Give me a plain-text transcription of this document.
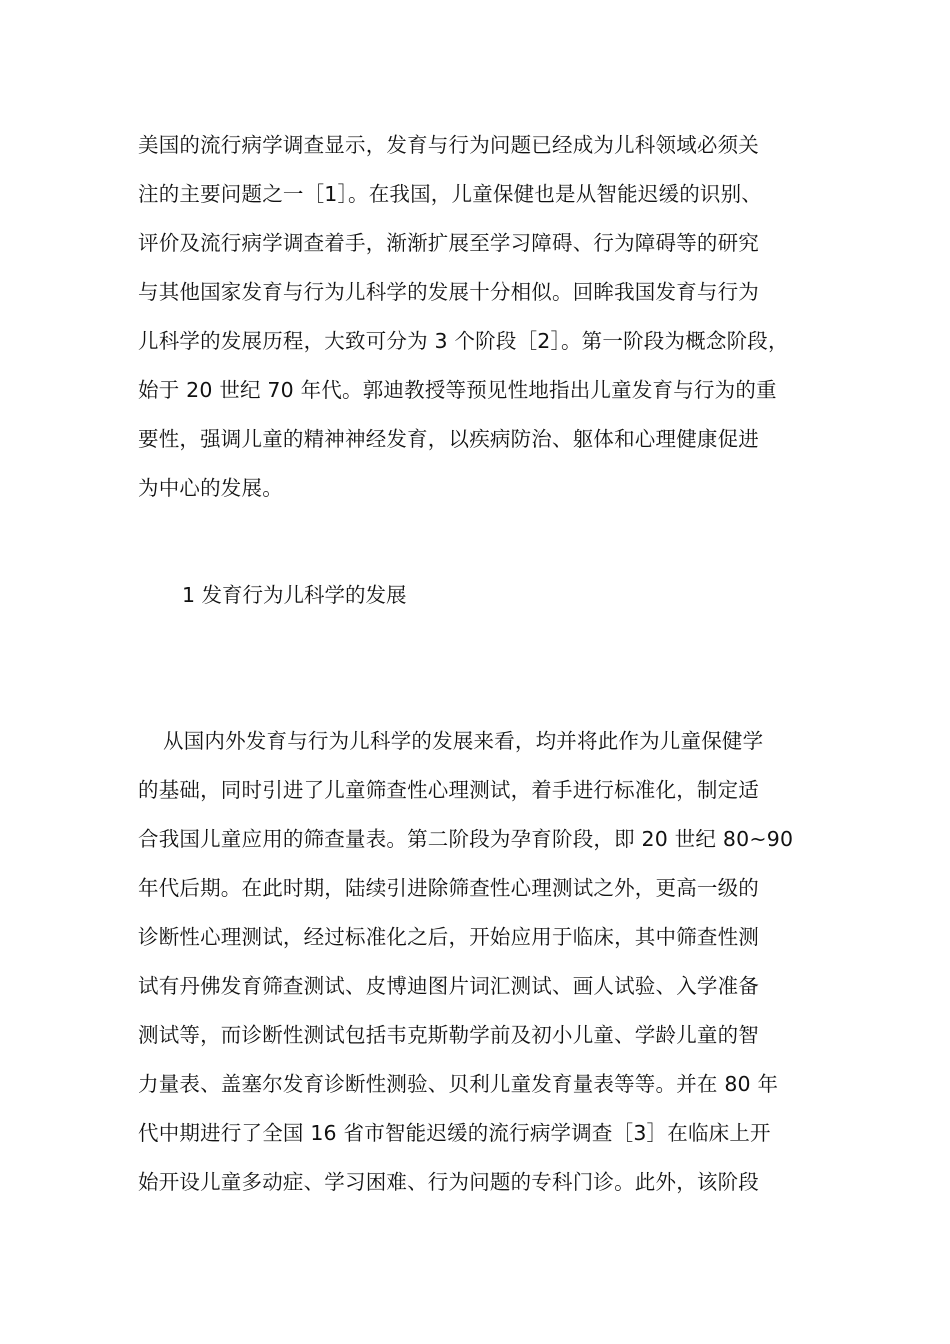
美国的流行病学调查显示，发育与行为问题已经成为儿科领域必须关
注的主要问题之一［1］。在我国，儿童保健也是从智能迟缓的识别、
评价及流行病学调查着手，渐渐扩展至学习障碍、行为障碍等的研究
与其他国家发育与行为儿科学的发展十分相似。回眸我国发育与行为
儿科学的发展历程，大致可分为 3 个阶段［2］。第一阶段为概念阶段，
始于 20 世纪 70 年代。郭迪教授等预见性地指出儿童发育与行为的重
要性，强调儿童的精神神经发育，以疾病防治、躯体和心理健康促进
为中心的发展。
1 发育行为儿科学的发展
从国内外发育与行为儿科学的发展来看，均并将此作为儿童保健学
的基础，同时引进了儿童筛查性心理测试，着手进行标准化，制定适
合我国儿童应用的筛查量表。第二阶段为孕育阶段，即 20 世纪 80~90
年代后期。在此时期，陆续引进除筛查性心理测试之外，更高一级的
诊断性心理测试，经过标准化之后，开始应用于临床，其中筛查性测
试有丹佛发育筛查测试、皮博迪图片词汇测试、画人试验、入学准备
测试等，而诊断性测试包括韦克斯勒学前及初小儿童、学龄儿童的智
力量表、盖塞尔发育诊断性测验、贝利儿童发育量表等等。并在 80 年
代中期进行了全国 16 省市智能迟缓的流行病学调查［3］在临床上开
始开设儿童多动症、学习困难、行为问题的专科门诊。此外，该阶段
